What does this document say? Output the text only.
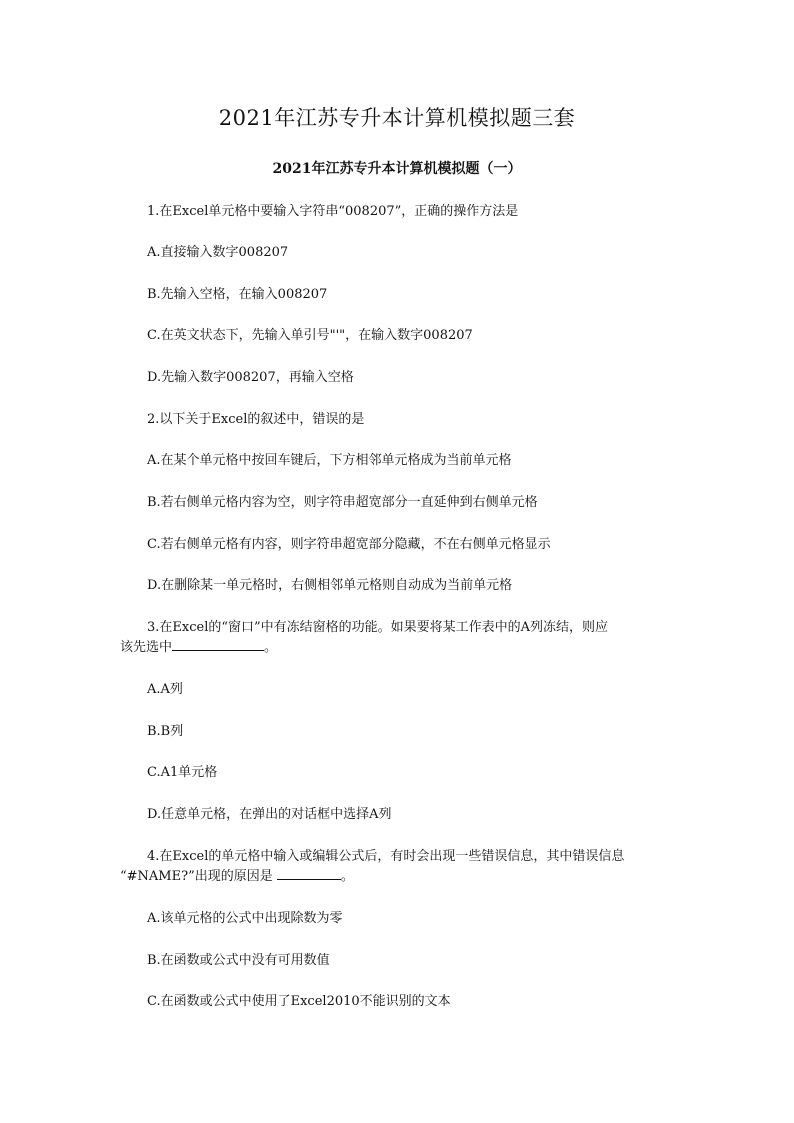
2021年江苏专升本计算机模拟题三套
2021年江苏专升本计算机模拟题（一）
1.在Excel单元格中要输入字符串“008207”，正确的操作方法是
A.直接输入数字008207
B.先输入空格，在输入008207
C.在英文状态下，先输入单引号"'"，在输入数字008207
D.先输入数字008207，再输入空格
2.以下关于Excel的叙述中，错误的是
A.在某个单元格中按回车键后，下方相邻单元格成为当前单元格
B.若右侧单元格内容为空，则字符串超宽部分一直延伸到右侧单元格
C.若右侧单元格有内容，则字符串超宽部分隐藏，不在右侧单元格显示
D.在删除某一单元格时，右侧相邻单元格则自动成为当前单元格
3.在Excel的“窗口”中有冻结窗格的功能。如果要将某工作表中的A列冻结，则应
该先选中	。
A.A列
B.B列
C.A1单元格
D.任意单元格，在弹出的对话框中选择A列
4.在Excel的单元格中输入或编辑公式后，有时会出现一些错误信息，其中错误信息
“#NAME?”出现的原因是	。
A.该单元格的公式中出现除数为零
B.在函数或公式中没有可用数值
C.在函数或公式中使用了Excel2010不能识别的文本
